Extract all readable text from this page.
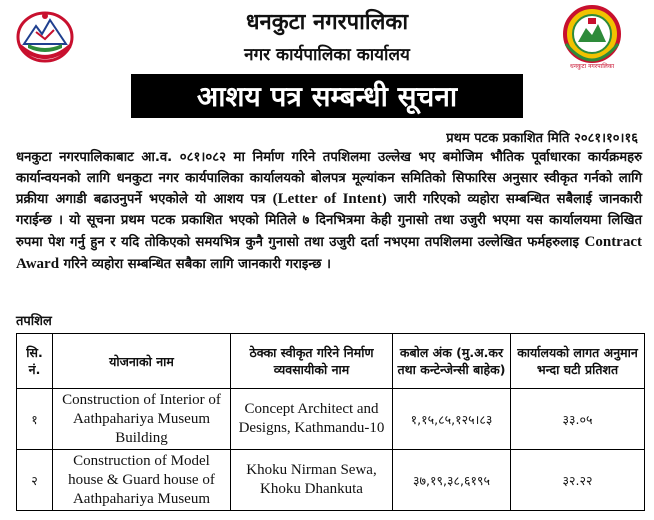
धनकुटा नगरपालिका
धनकुटा नगरपालिका
नगर कार्यपालिका कार्यालय
आशय पत्र सम्बन्धी सूचना
प्रथम पटक प्रकाशित मिति २०८१।१०।१६
धनकुटा नगरपालिकाबाट आ.व. ०८१।०८२ मा निर्माण गरिने तपशिलमा उल्लेख भए बमोजिम भौतिक पूर्वाधारका कार्यक्रमहरु कार्यान्वयनको लागि धनकुटा नगर कार्यपालिका कार्यालयको बोलपत्र मूल्यांकन समितिको सिफारिस अनुसार स्वीकृत गर्नको लागि प्रक्रीया अगाडी बढाउनुपर्ने भएकोले यो आशय पत्र (Letter of Intent) जारी गरिएको व्यहोरा सम्बन्धित सबैलाई जानकारी गराईन्छ । यो सूचना प्रथम पटक प्रकाशित भएको मितिले ७ दिनभित्रमा केही गुनासो तथा उजुरी भएमा यस कार्यालयमा लिखित रुपमा पेश गर्नु हुन र यदि तोकिएको समयभित्र कुनै गुनासो तथा उजुरी दर्ता नभएमा तपशिलमा उल्लेखित फर्महरुलाइ Contract Award गरिने व्यहोरा सम्बन्धित सबैका लागि जानकारी गराइन्छ ।
तपशिल
सि. नं.	योजनाको नाम	ठेक्का स्वीकृत गरिने निर्माण व्यवसायीको नाम	कबोल अंक (मु.अ.कर तथा कन्टेन्जेन्सी बाहेक)	कार्यालयको लागत अनुमान भन्दा घटी प्रतिशत
१	Construction of Interior of Aathpahariya Museum Building	Concept Architect and Designs, Kathmandu-10	१,१५,८५,१२५।८३	३३.०५
२	Construction of Model house & Guard house of Aathpahariya Museum	Khoku Nirman Sewa, Khoku Dhankuta	३७,१९,३८,६१९५	३२.२२
